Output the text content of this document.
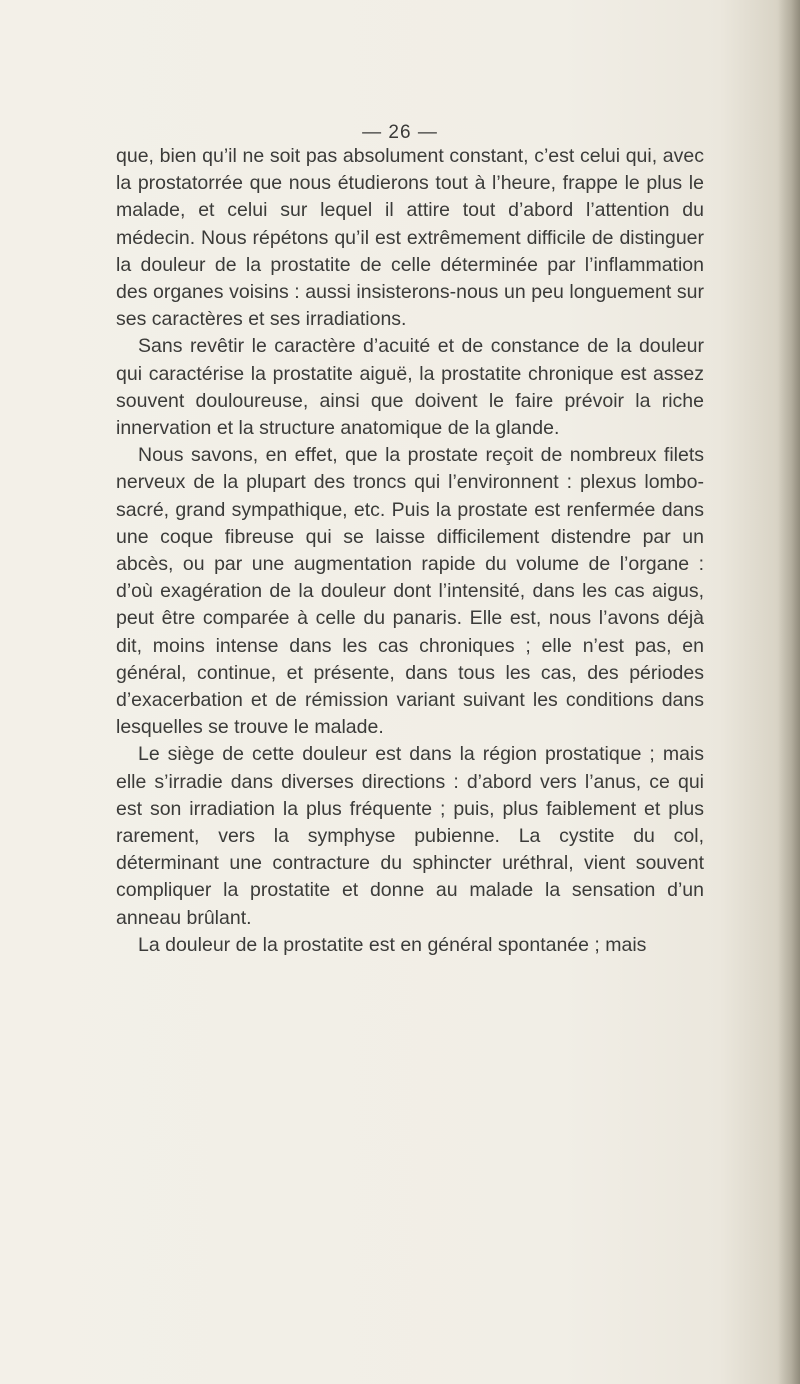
— 26 —

que, bien qu’il ne soit pas absolument constant, c’est celui qui, avec la prostatorrée que nous étudierons tout à l’heure, frappe le plus le malade, et celui sur lequel il attire tout d’abord l’attention du médecin. Nous répétons qu’il est extrêmement difficile de distinguer la douleur de la prostatite de celle déterminée par l’inflammation des organes voisins : aussi insisterons-nous un peu longuement sur ses caractères et ses irradiations.

Sans revêtir le caractère d’acuité et de constance de la douleur qui caractérise la prostatite aiguë, la prostatite chronique est assez souvent douloureuse, ainsi que doivent le faire prévoir la riche innervation et la structure anatomique de la glande.

Nous savons, en effet, que la prostate reçoit de nombreux filets nerveux de la plupart des troncs qui l’environnent : plexus lombo-sacré, grand sympathique, etc. Puis la prostate est renfermée dans une coque fibreuse qui se laisse difficilement distendre par un abcès, ou par une augmentation rapide du volume de l’organe : d’où exagération de la douleur dont l’intensité, dans les cas aigus, peut être comparée à celle du panaris. Elle est, nous l’avons déjà dit, moins intense dans les cas chroniques ; elle n’est pas, en général, continue, et présente, dans tous les cas, des périodes d’exacerbation et de rémission variant suivant les conditions dans lesquelles se trouve le malade.

Le siège de cette douleur est dans la région prostatique ; mais elle s’irradie dans diverses directions : d’abord vers l’anus, ce qui est son irradiation la plus fréquente ; puis, plus faiblement et plus rarement, vers la symphyse pubienne. La cystite du col, déterminant une contracture du sphincter uréthral, vient souvent compliquer la prostatite et donne au malade la sensation d’un anneau brûlant.

La douleur de la prostatite est en général spontanée ; mais
